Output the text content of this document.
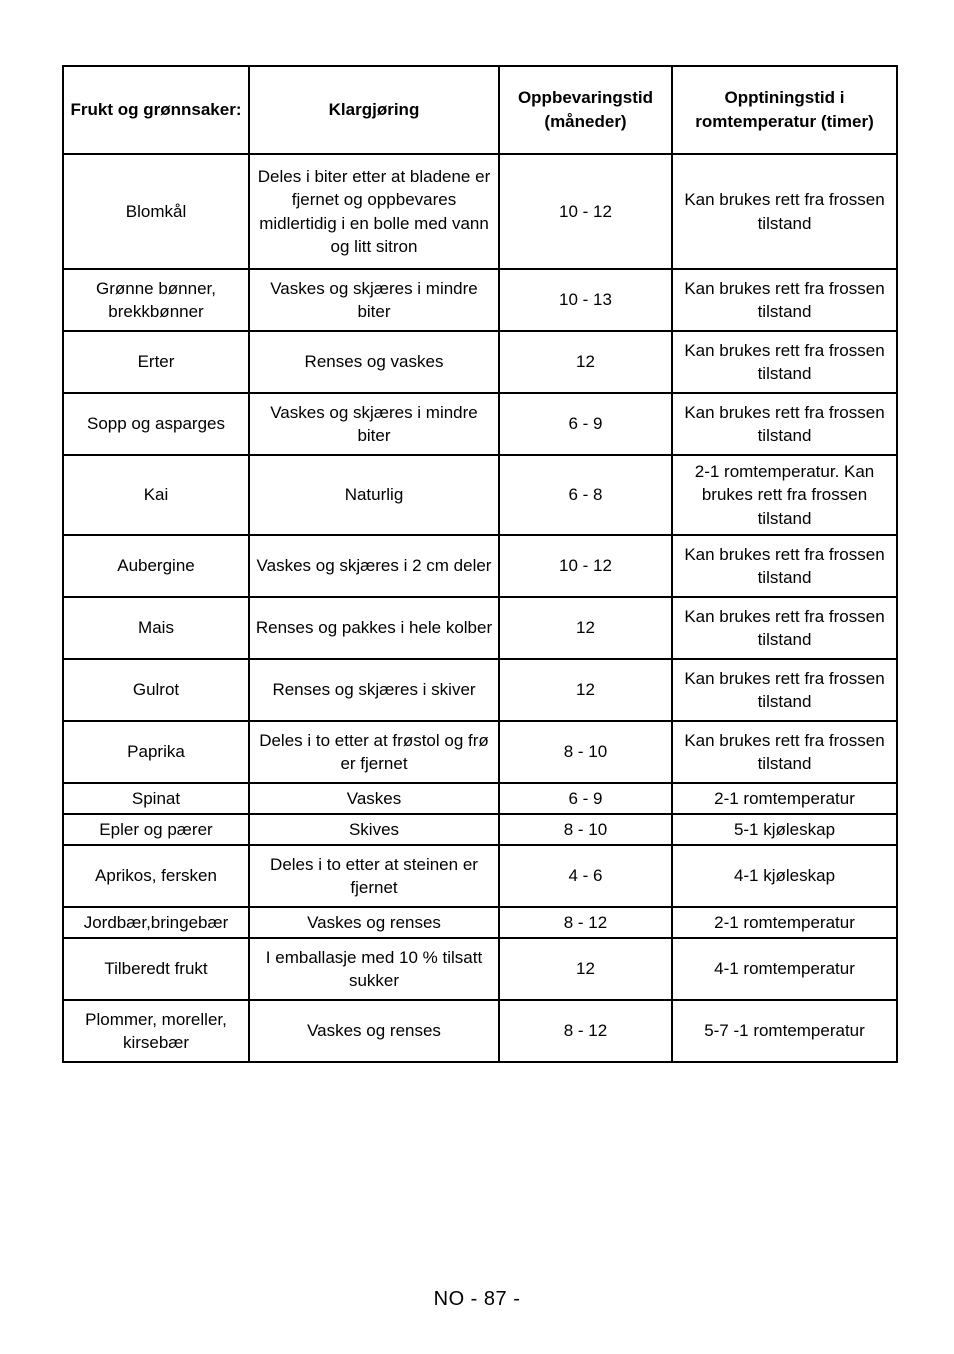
Frukt og grønnsaker:	Klargjøring	Oppbevaringstid (måneder)	Opptiningstid i romtemperatur (timer)
Blomkål	Deles i biter etter at bladene er fjernet og oppbevares midlertidig i en bolle med vann og litt sitron	10 - 12	Kan brukes rett fra frossen tilstand
Grønne bønner, brekkbønner	Vaskes og skjæres i mindre biter	10 - 13	Kan brukes rett fra frossen tilstand
Erter	Renses og vaskes	12	Kan brukes rett fra frossen tilstand
Sopp og asparges	Vaskes og skjæres i mindre biter	6 - 9	Kan brukes rett fra frossen tilstand
Kai	Naturlig	6 - 8	2-1 romtemperatur. Kan brukes rett fra frossen tilstand
Aubergine	Vaskes og skjæres i 2 cm deler	10 - 12	Kan brukes rett fra frossen tilstand
Mais	Renses og pakkes i hele kolber	12	Kan brukes rett fra frossen tilstand
Gulrot	Renses og skjæres i skiver	12	Kan brukes rett fra frossen tilstand
Paprika	Deles i to etter at frøstol og frø er fjernet	8 - 10	Kan brukes rett fra frossen tilstand
Spinat	Vaskes	6 - 9	2-1 romtemperatur
Epler og pærer	Skives	8 - 10	5-1 kjøleskap
Aprikos, fersken	Deles i to etter at steinen er fjernet	4 - 6	4-1 kjøleskap
Jordbær,bringebær	Vaskes og renses	8 - 12	2-1 romtemperatur
Tilberedt frukt	I emballasje med 10 % tilsatt sukker	12	4-1 romtemperatur
Plommer, moreller, kirsebær	Vaskes og renses	8 - 12	5-7 -1 romtemperatur
NO - 87 -
